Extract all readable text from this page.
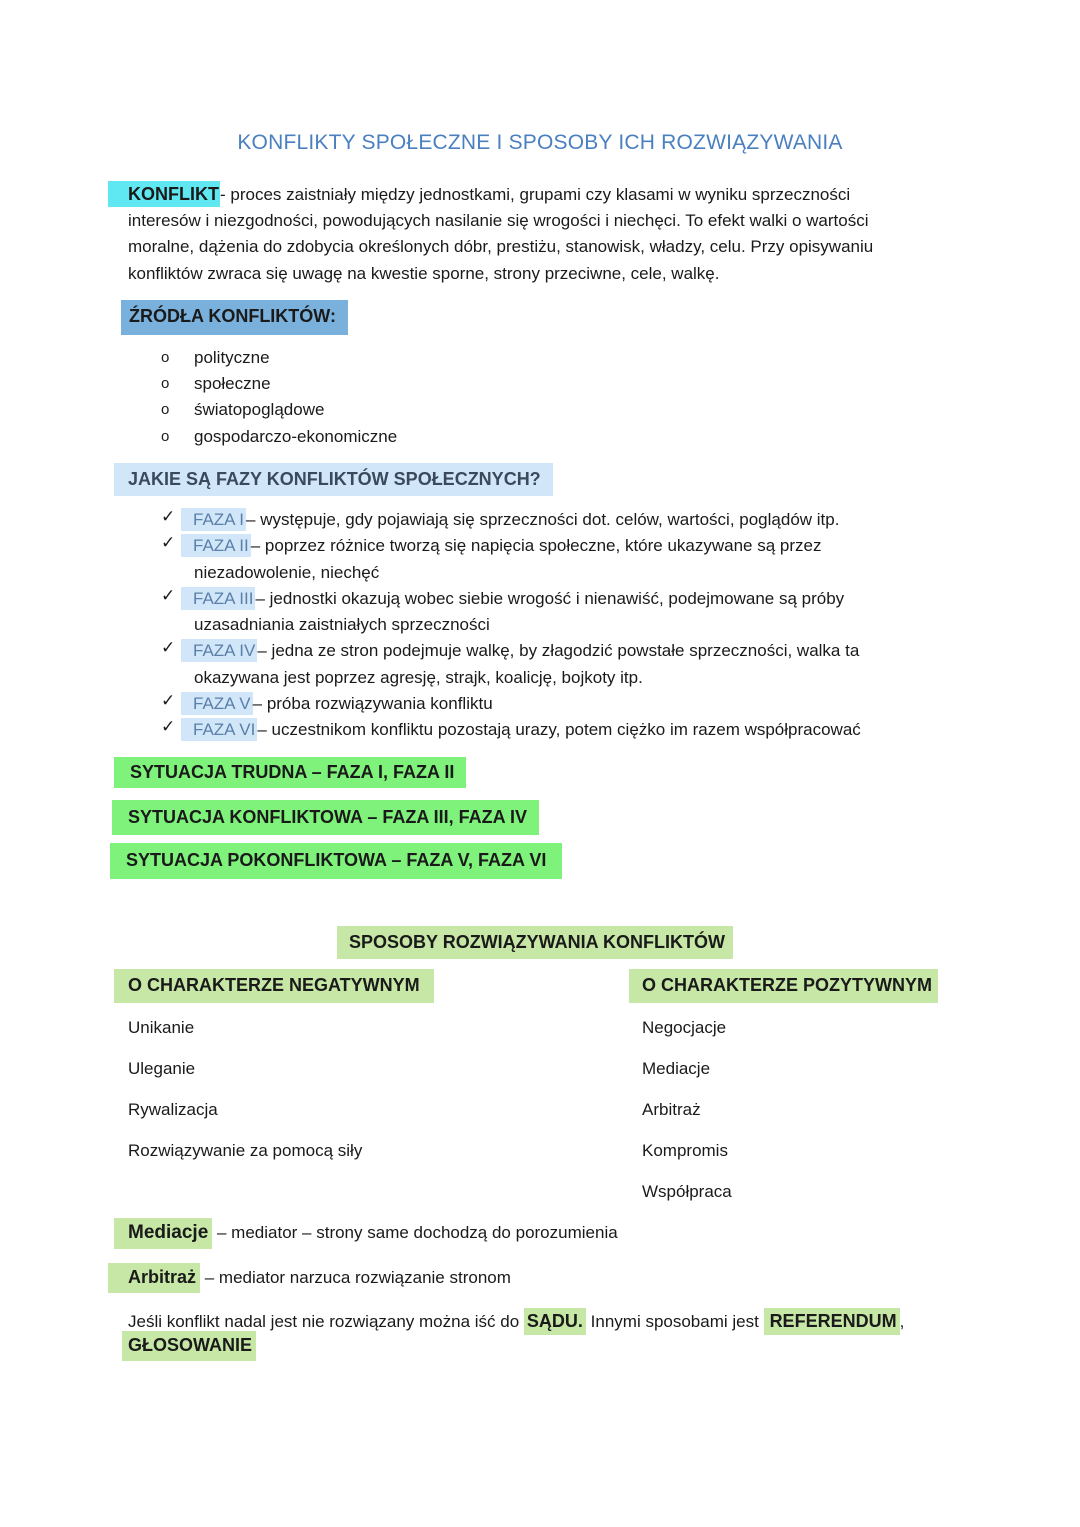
KONFLIKTY SPOŁECZNE I SPOSOBY ICH ROZWIĄZYWANIA
KONFLIKT- proces zaistniały między jednostkami, grupami czy klasami w wyniku sprzeczności
interesów i niezgodności, powodujących nasilanie się wrogości i niechęci. To efekt walki o wartości
moralne, dążenia do zdobycia określonych dóbr, prestiżu, stanowisk, władzy, celu. Przy opisywaniu
konfliktów zwraca się uwagę na kwestie sporne, strony przeciwne, cele, walkę.
ŹRÓDŁA KONFLIKTÓW:
o polityczne
o społeczne
o światopoglądowe
o gospodarczo-ekonomiczne
JAKIE SĄ FAZY KONFLIKTÓW SPOŁECZNYCH?
✓	FAZA I – występuje, gdy pojawiają się sprzeczności dot. celów, wartości, poglądów itp.
✓	FAZA II – poprzez różnice tworzą się napięcia społeczne, które ukazywane są przez
niezadowolenie, niechęć
✓	FAZA III – jednostki okazują wobec siebie wrogość i nienawiść, podejmowane są próby
uzasadniania zaistniałych sprzeczności
✓	FAZA IV – jedna ze stron podejmuje walkę, by złagodzić powstałe sprzeczności, walka ta
okazywana jest poprzez agresję, strajk, koalicję, bojkoty itp.
✓	FAZA V – próba rozwiązywania konfliktu
✓	FAZA VI – uczestnikom konfliktu pozostają urazy, potem ciężko im razem współpracować
SYTUACJA TRUDNA – FAZA I, FAZA II
SYTUACJA KONFLIKTOWA – FAZA III, FAZA IV
SYTUACJA POKONFLIKTOWA – FAZA V, FAZA VI
SPOSOBY ROZWIĄZYWANIA KONFLIKTÓW
O CHARAKTERZE NEGATYWNYM
Unikanie
Uleganie
Rywalizacja
Rozwiązywanie za pomocą siły
O CHARAKTERZE POZYTYWNYM
Negocjacje
Mediacje
Arbitraż
Kompromis
Współpraca
Mediacje – mediator – strony same dochodzą do porozumienia
Arbitraż – mediator narzuca rozwiązanie stronom
Jeśli konflikt nadal jest nie rozwiązany można iść do SĄDU. Innymi sposobami jest REFERENDUM ,
GŁOSOWANIE
